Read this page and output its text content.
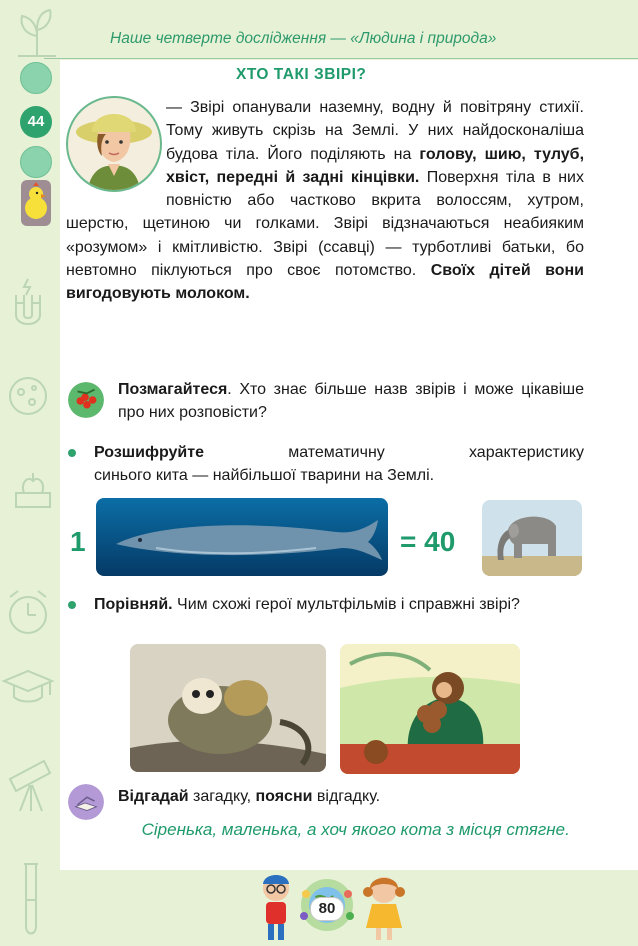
Наше четверте дослідження — «Людина і природа»
44
ХТО ТАКІ ЗВІРІ?

— Звірі опанували наземну, водну й повітряну стихії. Тому живуть скрізь на Землі. У них найдосконаліша будова тіла. Його поділяють на голову, шию, тулуб, хвіст, передні й задні кінцівки. Поверхня тіла в них повністю або частково вкрита волоссям, хутром, шерстю, щетиною чи голками. Звірі відзначаються неабияким «розумом» і кмітливістю. Звірі (ссавці) — турботливі батьки, бо невтомно піклуються про своє потомство. Своїх дітей вони вигодовують молоком.

Позмагайтеся. Хто знає більше назв звірів і може цікавіше про них розповісти?

Розшифруйте математичну характеристику
синього кита — найбільшої тварини на Землі.

1	= 40

Порівняй. Чим схожі герої мультфільмів і справжні звірі?

Відгадай загадку, поясни відгадку.

Сіренька, маленька, а хоч якого кота з місця стягне.

80
